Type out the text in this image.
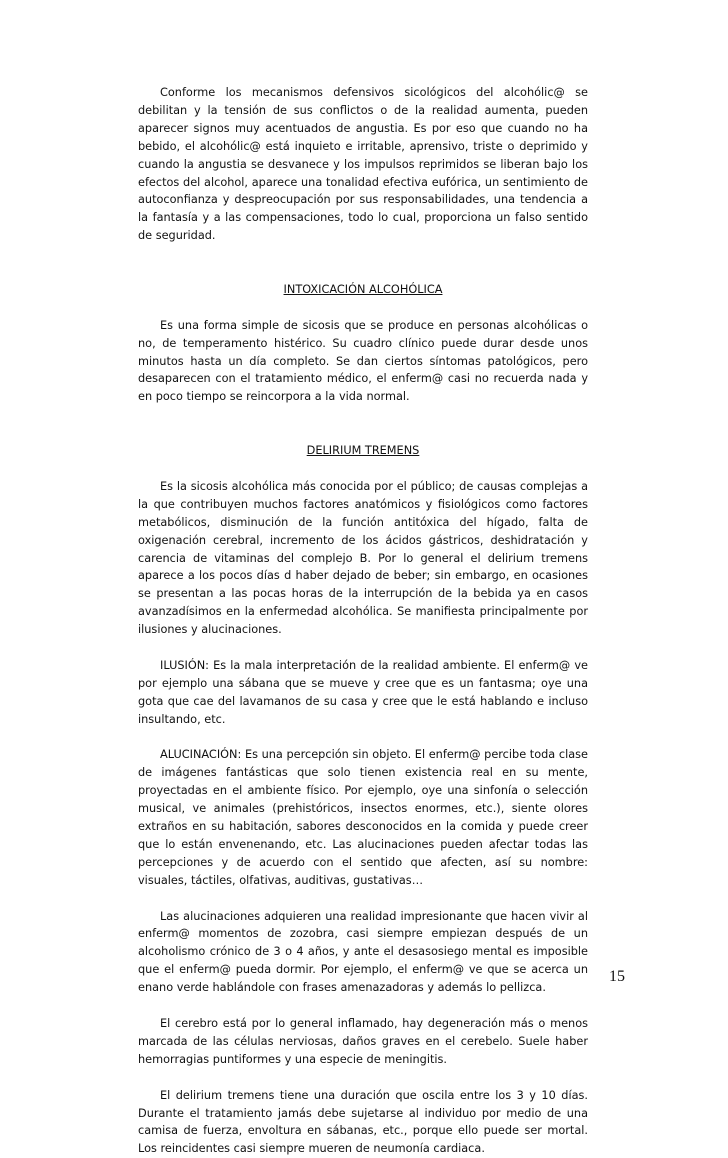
Conforme los mecanismos defensivos sicológicos del alcohólic@ se debilitan y la tensión de sus conflictos o de la realidad aumenta, pueden aparecer signos muy acentuados de angustia. Es por eso que cuando no ha bebido, el alcohólic@ está inquieto e irritable, aprensivo, triste o deprimido y cuando la angustia se desvanece y los impulsos reprimidos se liberan bajo los efectos del alcohol, aparece una tonalidad efectiva eufórica, un sentimiento de autoconfianza y despreocupación por sus responsabilidades, una tendencia a la fantasía y a las compensaciones, todo lo cual, proporciona un falso sentido de seguridad.

INTOXICACIÓN ALCOHÓLICA

Es una forma simple de sicosis que se produce en personas alcohólicas o no, de temperamento histérico. Su cuadro clínico puede durar desde unos minutos hasta un día completo. Se dan ciertos síntomas patológicos, pero desaparecen con el tratamiento médico, el enferm@ casi no recuerda nada y en poco tiempo se reincorpora a la vida normal.

DELIRIUM TREMENS

Es la sicosis alcohólica más conocida por el público; de causas complejas a la que contribuyen muchos factores anatómicos y fisiológicos como factores metabólicos, disminución de la función antitóxica del hígado, falta de oxigenación cerebral, incremento de los ácidos gástricos, deshidratación y carencia de vitaminas del complejo B. Por lo general el delirium tremens aparece a los pocos días d haber dejado de beber; sin embargo, en ocasiones se presentan a las pocas horas de la interrupción de la bebida ya en casos avanzadísimos en la enfermedad alcohólica. Se manifiesta principalmente por ilusiones y alucinaciones.

ILUSIÓN: Es la mala interpretación de la realidad ambiente. El enferm@ ve por ejemplo una sábana que se mueve y cree que es un fantasma; oye una gota que cae del lavamanos de su casa y cree que le está hablando e incluso insultando, etc.

ALUCINACIÓN: Es una percepción sin objeto. El enferm@ percibe toda clase de imágenes fantásticas que solo tienen existencia real en su mente, proyectadas en el ambiente físico. Por ejemplo, oye una sinfonía o selección musical, ve animales (prehistóricos, insectos enormes, etc.), siente olores extraños en su habitación, sabores desconocidos en la comida y puede creer que lo están envenenando, etc. Las alucinaciones pueden afectar todas las percepciones y de acuerdo con el sentido que afecten, así su nombre: visuales, táctiles, olfativas, auditivas, gustativas…

Las alucinaciones adquieren una realidad impresionante que hacen vivir al enferm@ momentos de zozobra, casi siempre empiezan después de un alcoholismo crónico de 3 o 4 años, y ante el desasosiego mental es imposible que el enferm@ pueda dormir. Por ejemplo, el enferm@ ve que se acerca un enano verde hablándole con frases amenazadoras y además lo pellizca.

El cerebro está por lo general inflamado, hay degeneración más o menos marcada de las células nerviosas, daños graves en el cerebelo. Suele haber hemorragias puntiformes y una especie de meningitis.

El delirium tremens tiene una duración que oscila entre los 3 y 10 días. Durante el tratamiento jamás debe sujetarse al individuo por medio de una camisa de fuerza, envoltura en sábanas, etc., porque ello puede ser mortal. Los reincidentes casi siempre mueren de neumonía cardiaca.

15
